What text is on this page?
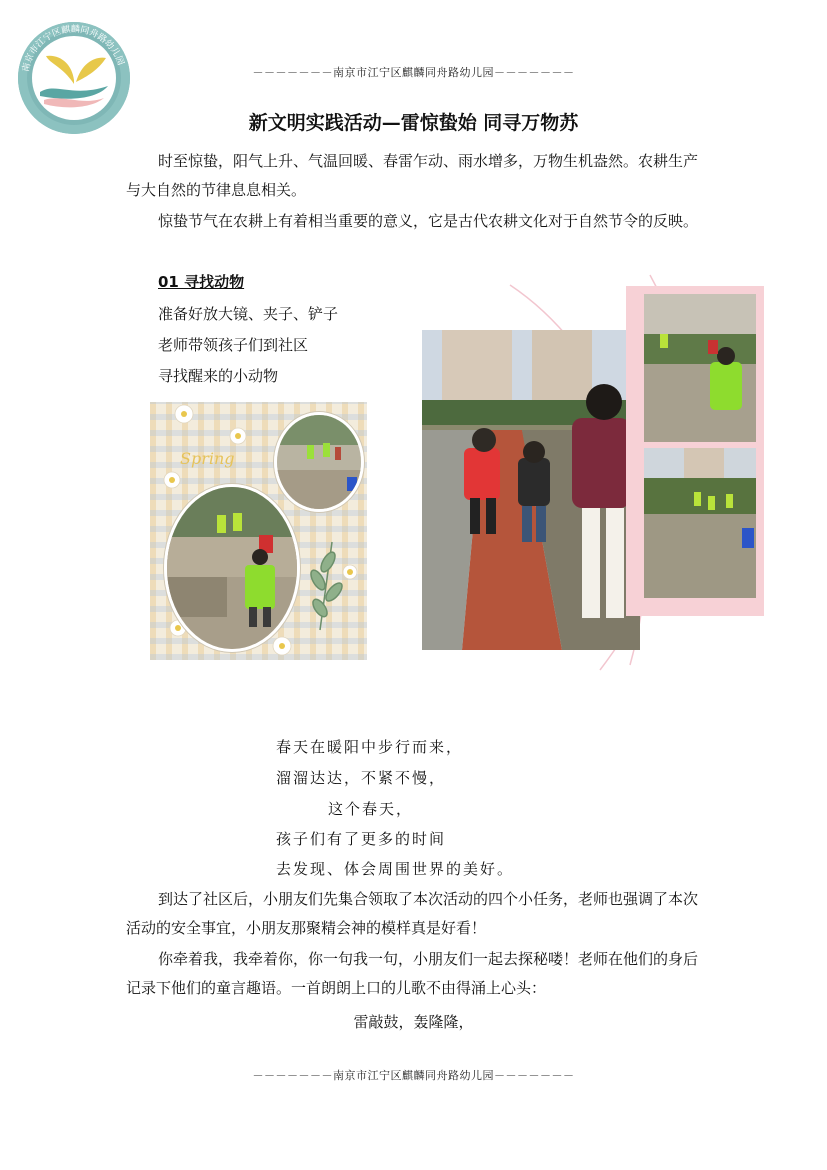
南京市江宁区麒麟同舟路幼儿园
－－－－－－－南京市江宁区麒麟同舟路幼儿园－－－－－－－
新文明实践活动—雷惊蛰始 同寻万物苏
时至惊蛰，阳气上升、气温回暖、春雷乍动、雨水增多，万物生机盎然。农耕生产与大自然的节律息息相关。
惊蛰节气在农耕上有着相当重要的意义，它是古代农耕文化对于自然节令的反映。
01 寻找动物
准备好放大镜、夹子、铲子
老师带领孩子们到社区
寻找醒来的小动物
Spring
春天在暖阳中步行而来，
溜溜达达，不紧不慢，
这个春天，
孩子们有了更多的时间
去发现、体会周围世界的美好。
到达了社区后，小朋友们先集合领取了本次活动的四个小任务，老师也强调了本次活动的安全事宜，小朋友那聚精会神的模样真是好看！
你牵着我，我牵着你，你一句我一句，小朋友们一起去探秘喽！老师在他们的身后记录下他们的童言趣语。一首朗朗上口的儿歌不由得涌上心头：
雷敲鼓，轰隆隆，
－－－－－－－南京市江宁区麒麟同舟路幼儿园－－－－－－－
